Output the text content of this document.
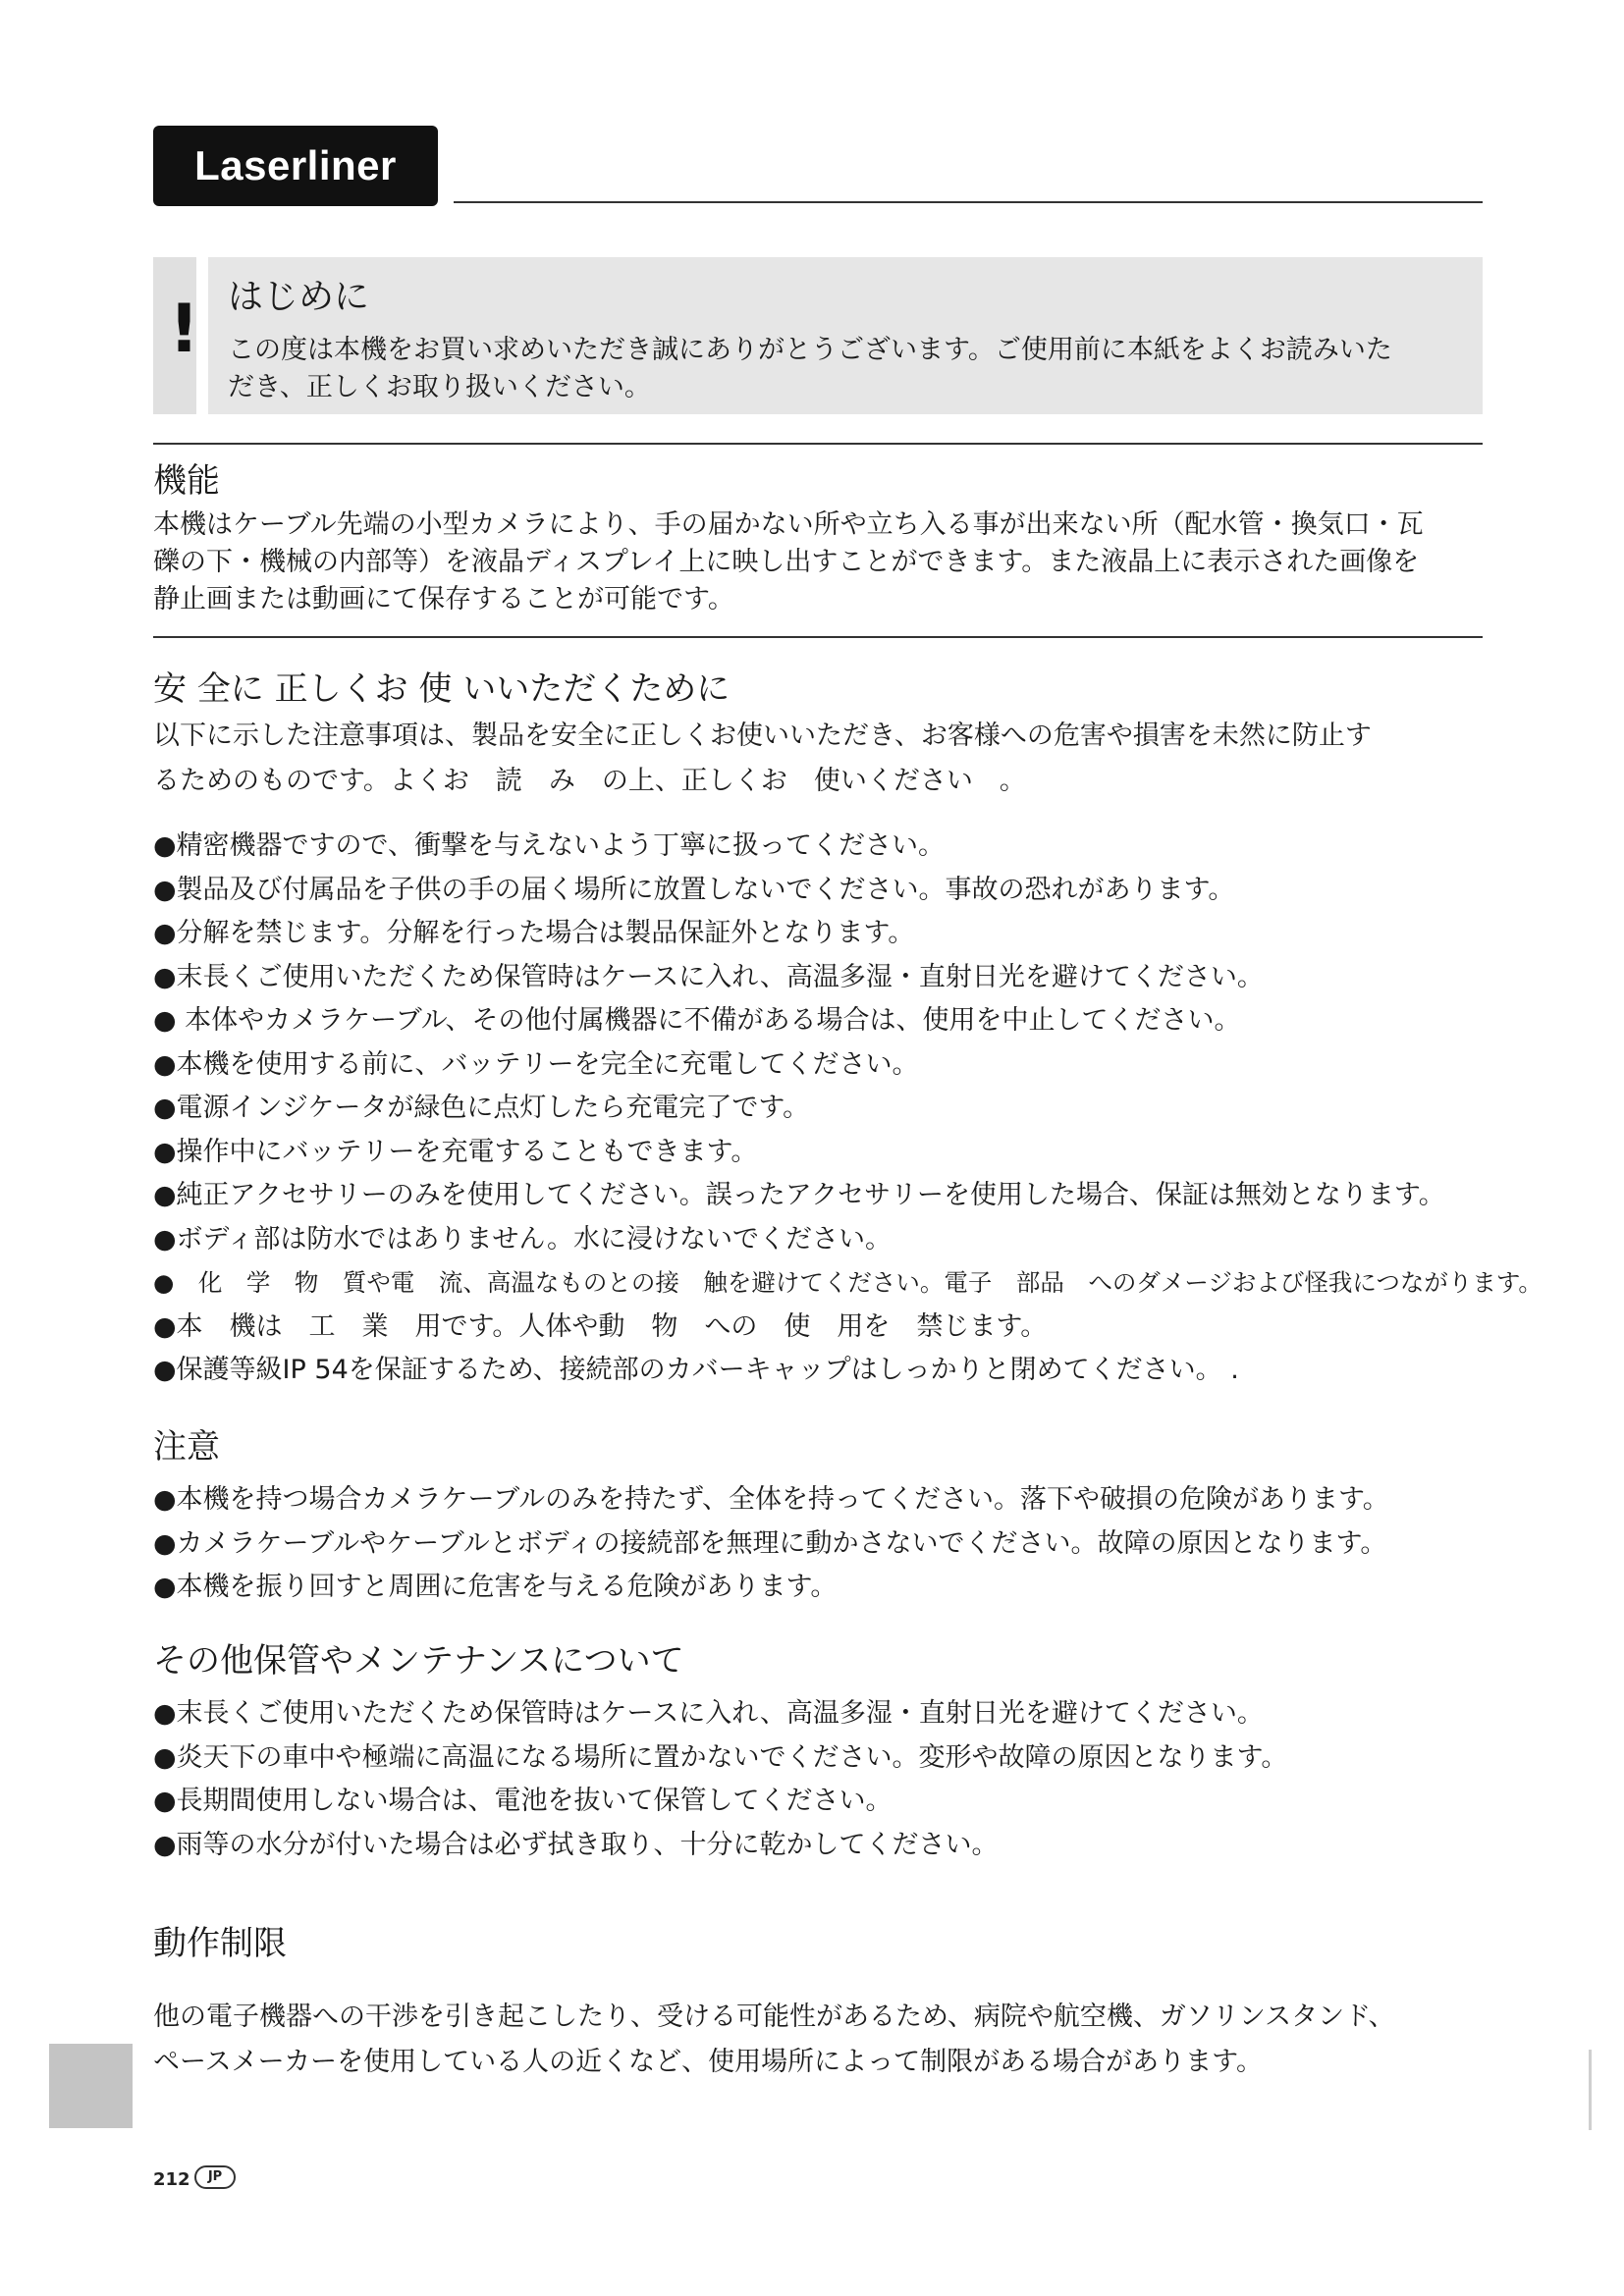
Laserliner
! はじめに
この度は本機をお買い求めいただき誠にありがとうございます。ご使用前に本紙をよくお読みいた
だき、正しくお取り扱いください。
機能
本機はケーブル先端の小型カメラにより、手の届かない所や立ち入る事が出来ない所（配水管・換気口・瓦
礫の下・機械の内部等）を液晶ディスプレイ上に映し出すことができます。また液晶上に表示された画像を
静止画または動画にて保存することが可能です。
安 全に 正しくお 使 いいただくために
以下に示した注意事項は、製品を安全に正しくお使いいただき、お客様への危害や損害を未然に防止す
るためのものです。よくお　読　み　の上、正しくお　使いください　。
●精密機器ですので、衝撃を与えないよう丁寧に扱ってください。
●製品及び付属品を子供の手の届く場所に放置しないでください。事故の恐れがあります。
●分解を禁じます。分解を行った場合は製品保証外となります。
●末長くご使用いただくため保管時はケースに入れ、高温多湿・直射日光を避けてください。
● 本体やカメラケーブル、その他付属機器に不備がある場合は、使用を中止してください。
●本機を使用する前に、バッテリーを完全に充電してください。
●電源インジケータが緑色に点灯したら充電完了です。
●操作中にバッテリーを充電することもできます。
●純正アクセサリーのみを使用してください。誤ったアクセサリーを使用した場合、保証は無効となります。
●ボディ部は防水ではありません。水に浸けないでください。
●　化　学　物　質や電　流、高温なものとの接　触を避けてください。電子　部品　へのダメージおよび怪我につながります。
●本　機は　工　業　用です。人体や動　物　への　使　用を　禁じます。
●保護等級IP 54を保証するため、接続部のカバーキャップはしっかりと閉めてください。 .
注意
●本機を持つ場合カメラケーブルのみを持たず、全体を持ってください。落下や破損の危険があります。
●カメラケーブルやケーブルとボディの接続部を無理に動かさないでください。故障の原因となります。
●本機を振り回すと周囲に危害を与える危険があります。
その他保管やメンテナンスについて
●末長くご使用いただくため保管時はケースに入れ、高温多湿・直射日光を避けてください。
●炎天下の車中や極端に高温になる場所に置かないでください。変形や故障の原因となります。
●長期間使用しない場合は、電池を抜いて保管してください。
●雨等の水分が付いた場合は必ず拭き取り、十分に乾かしてください。
動作制限
他の電子機器への干渉を引き起こしたり、受ける可能性があるため、病院や航空機、ガソリンスタンド、
ペースメーカーを使用している人の近くなど、使用場所によって制限がある場合があります。
212	JP
